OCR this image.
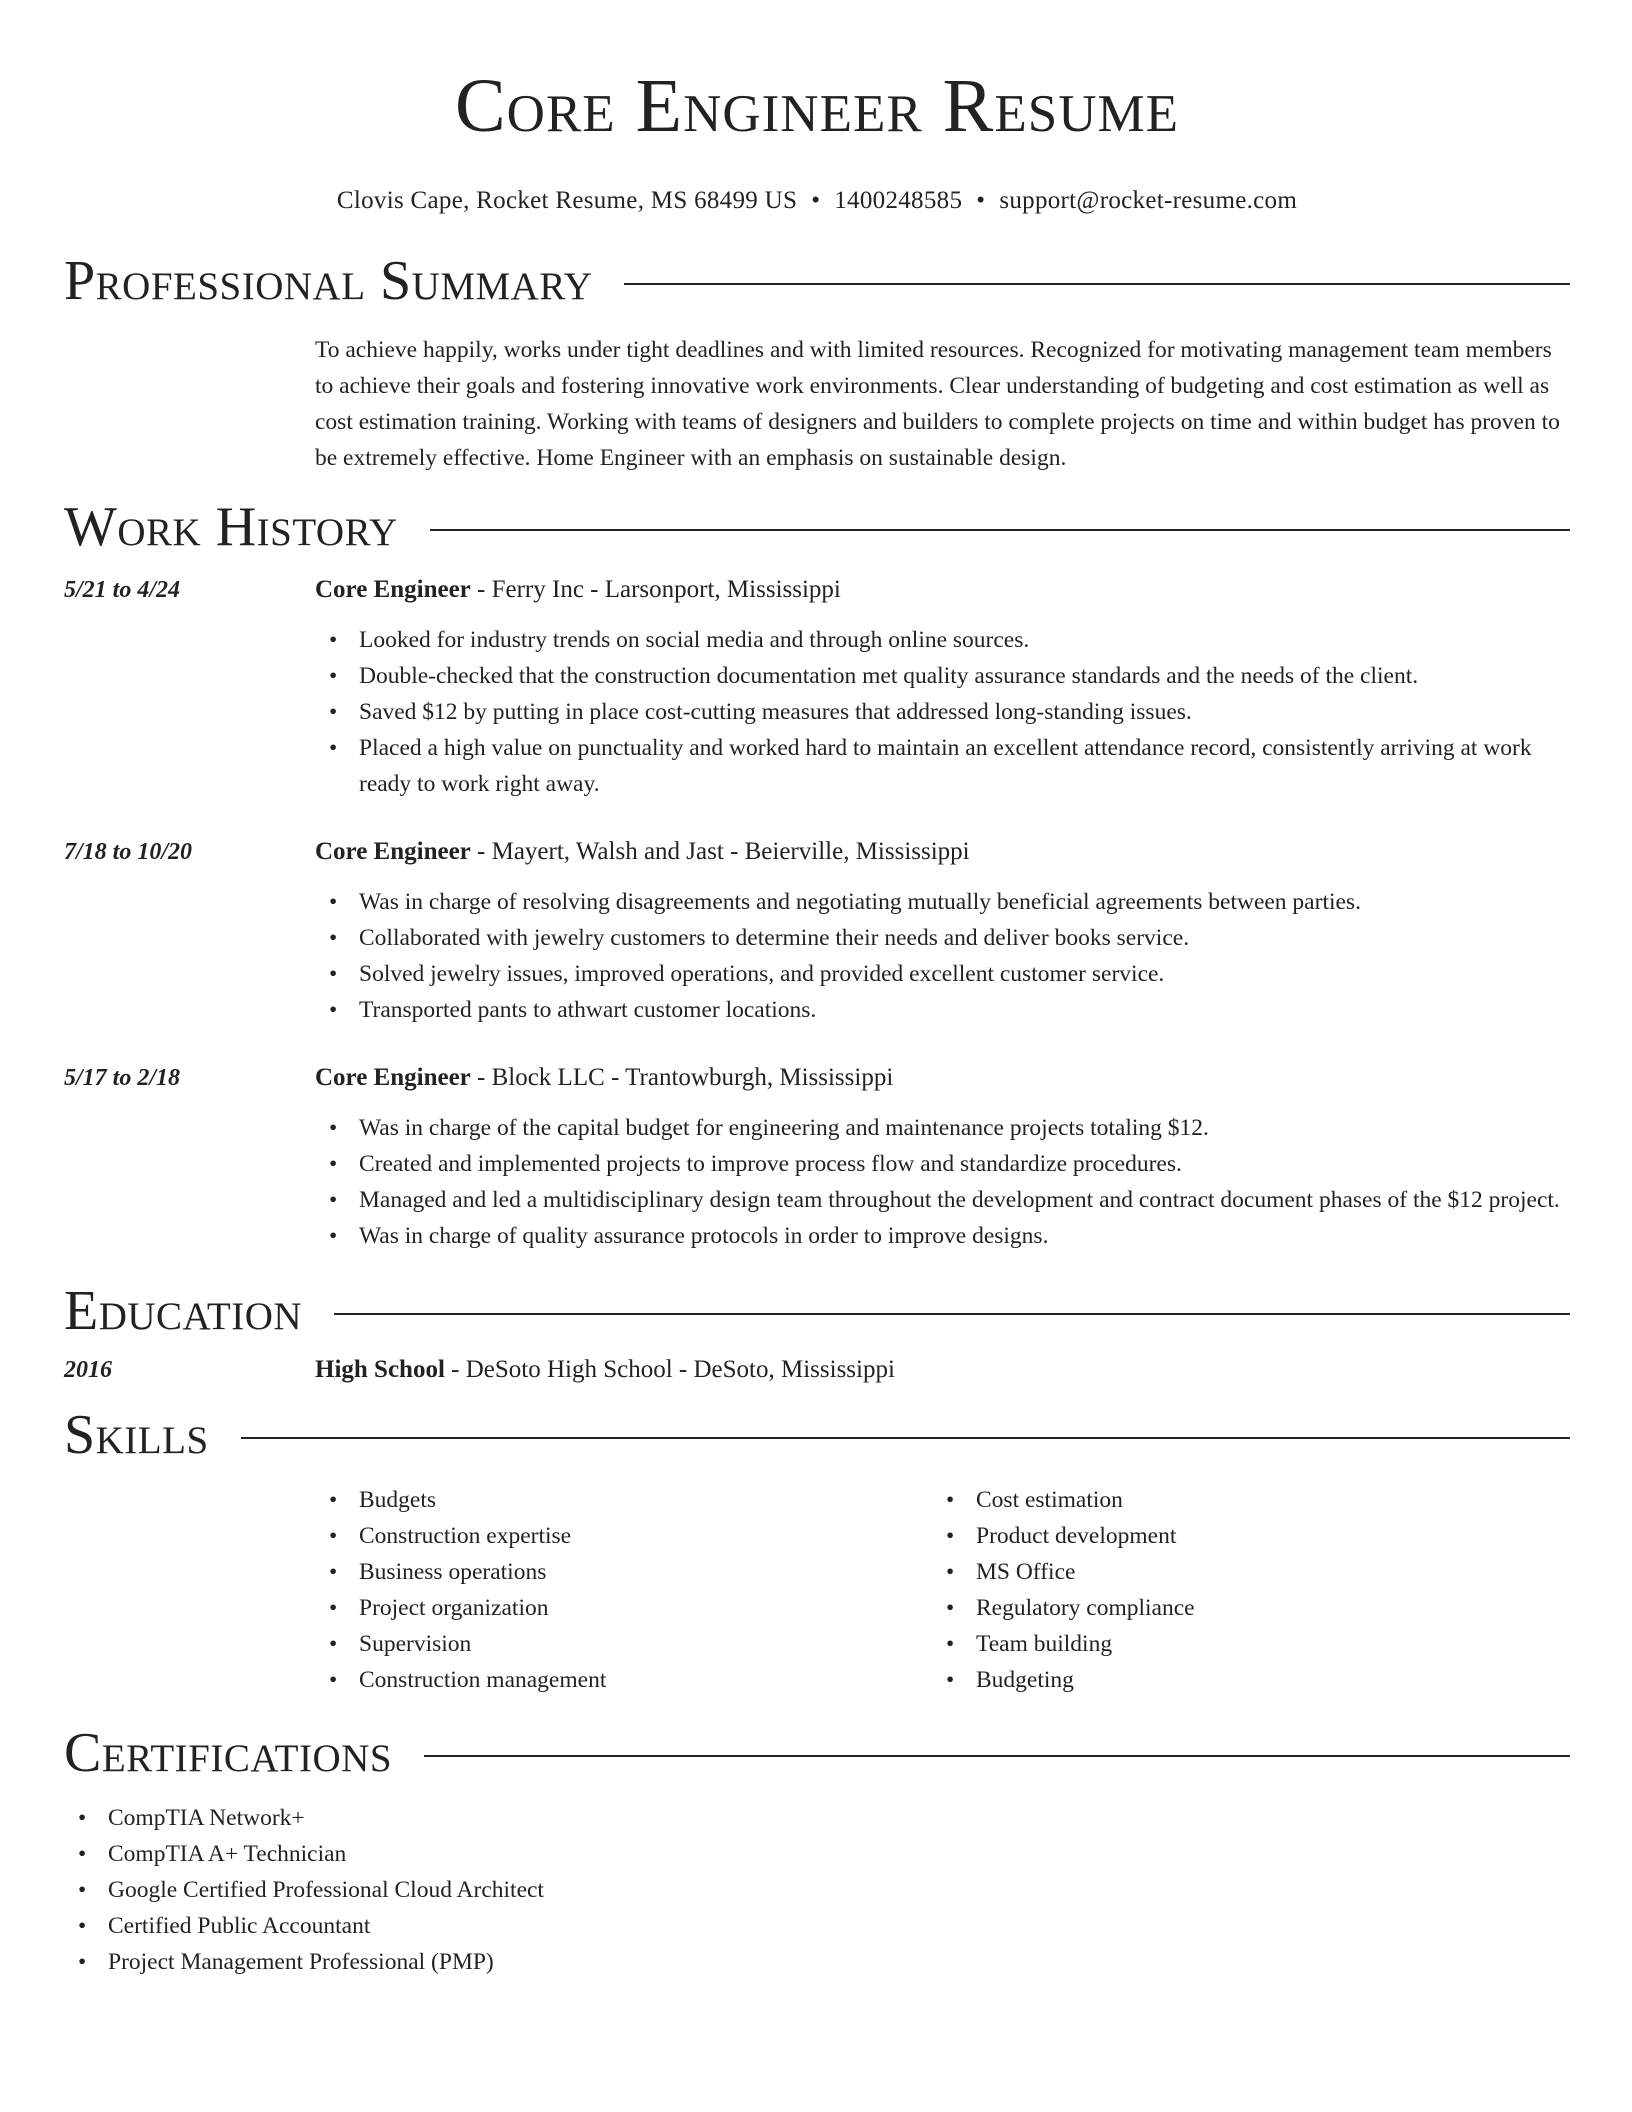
Core Engineer Resume
Clovis Cape, Rocket Resume, MS 68499 US • 1400248585 • support@rocket-resume.com
Professional Summary
To achieve happily, works under tight deadlines and with limited resources. Recognized for motivating management team members to achieve their goals and fostering innovative work environments. Clear understanding of budgeting and cost estimation as well as cost estimation training. Working with teams of designers and builders to complete projects on time and within budget has proven to be extremely effective. Home Engineer with an emphasis on sustainable design.
Work History
5/21 to 4/24	Core Engineer - Ferry Inc - Larsonport, Mississippi
• Looked for industry trends on social media and through online sources.
• Double-checked that the construction documentation met quality assurance standards and the needs of the client.
• Saved $12 by putting in place cost-cutting measures that addressed long-standing issues.
• Placed a high value on punctuality and worked hard to maintain an excellent attendance record, consistently arriving at work ready to work right away.
7/18 to 10/20	Core Engineer - Mayert, Walsh and Jast - Beierville, Mississippi
• Was in charge of resolving disagreements and negotiating mutually beneficial agreements between parties.
• Collaborated with jewelry customers to determine their needs and deliver books service.
• Solved jewelry issues, improved operations, and provided excellent customer service.
• Transported pants to athwart customer locations.
5/17 to 2/18	Core Engineer - Block LLC - Trantowburgh, Mississippi
• Was in charge of the capital budget for engineering and maintenance projects totaling $12.
• Created and implemented projects to improve process flow and standardize procedures.
• Managed and led a multidisciplinary design team throughout the development and contract document phases of the $12 project.
• Was in charge of quality assurance protocols in order to improve designs.
Education
2016	High School - DeSoto High School - DeSoto, Mississippi
Skills
• Budgets
• Construction expertise
• Business operations
• Project organization
• Supervision
• Construction management
• Cost estimation
• Product development
• MS Office
• Regulatory compliance
• Team building
• Budgeting
Certifications
• CompTIA Network+
• CompTIA A+ Technician
• Google Certified Professional Cloud Architect
• Certified Public Accountant
• Project Management Professional (PMP)
